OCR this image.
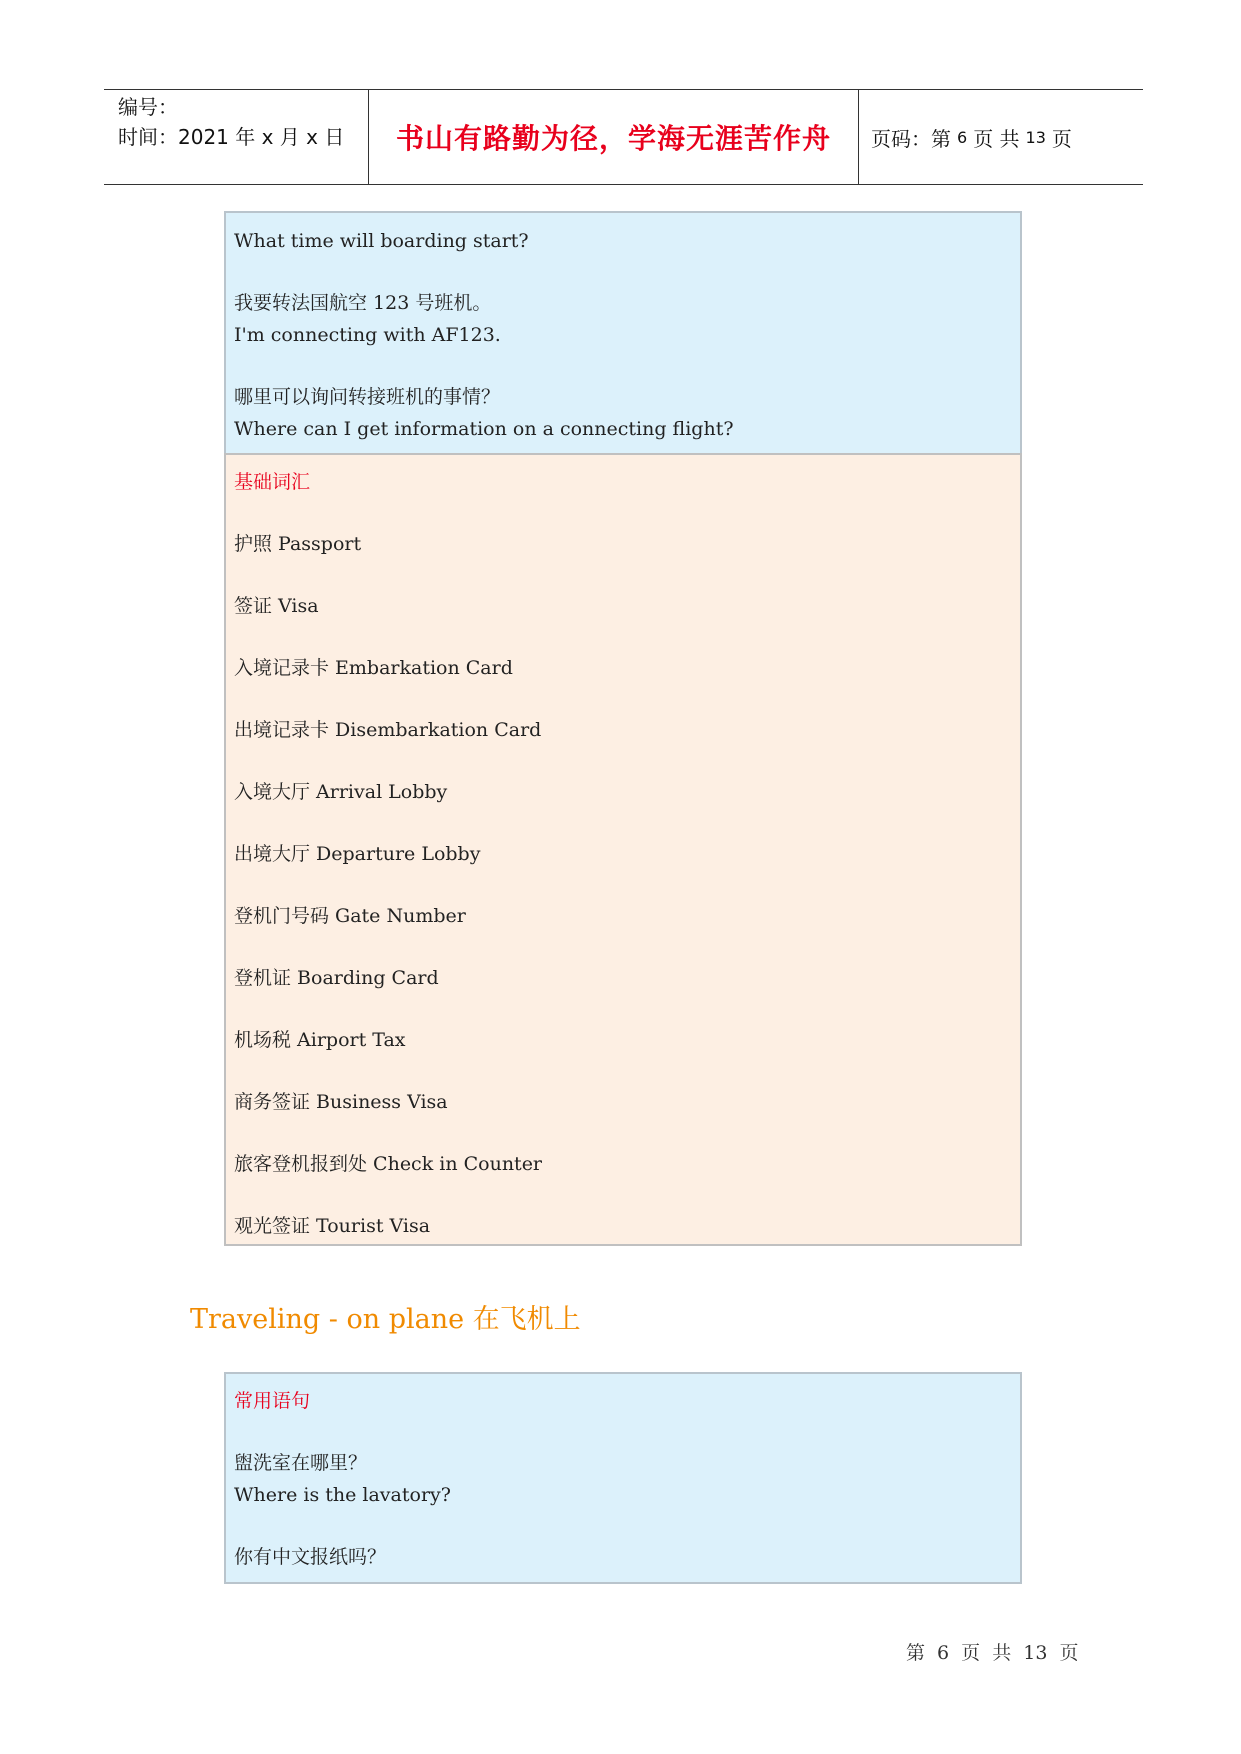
编号：
时间：2021 年 x 月 x 日	书山有路勤为径，学海无涯苦作舟	页码：第 6 页 共 13 页
What time will boarding start?
我要转法国航空 123 号班机。
I'm connecting with AF123.
哪里可以询问转接班机的事情？
Where can I get information on a connecting flight?
基础词汇
护照 Passport
签证 Visa
入境记录卡 Embarkation Card
出境记录卡 Disembarkation Card
入境大厅 Arrival Lobby
出境大厅 Departure Lobby
登机门号码 Gate Number
登机证 Boarding Card
机场税 Airport Tax
商务签证 Business Visa
旅客登机报到处 Check in Counter
观光签证 Tourist Visa
Traveling - on plane 在飞机上
常用语句
盥洗室在哪里？
Where is the lavatory?
你有中文报纸吗？
第 6 页 共 13 页
